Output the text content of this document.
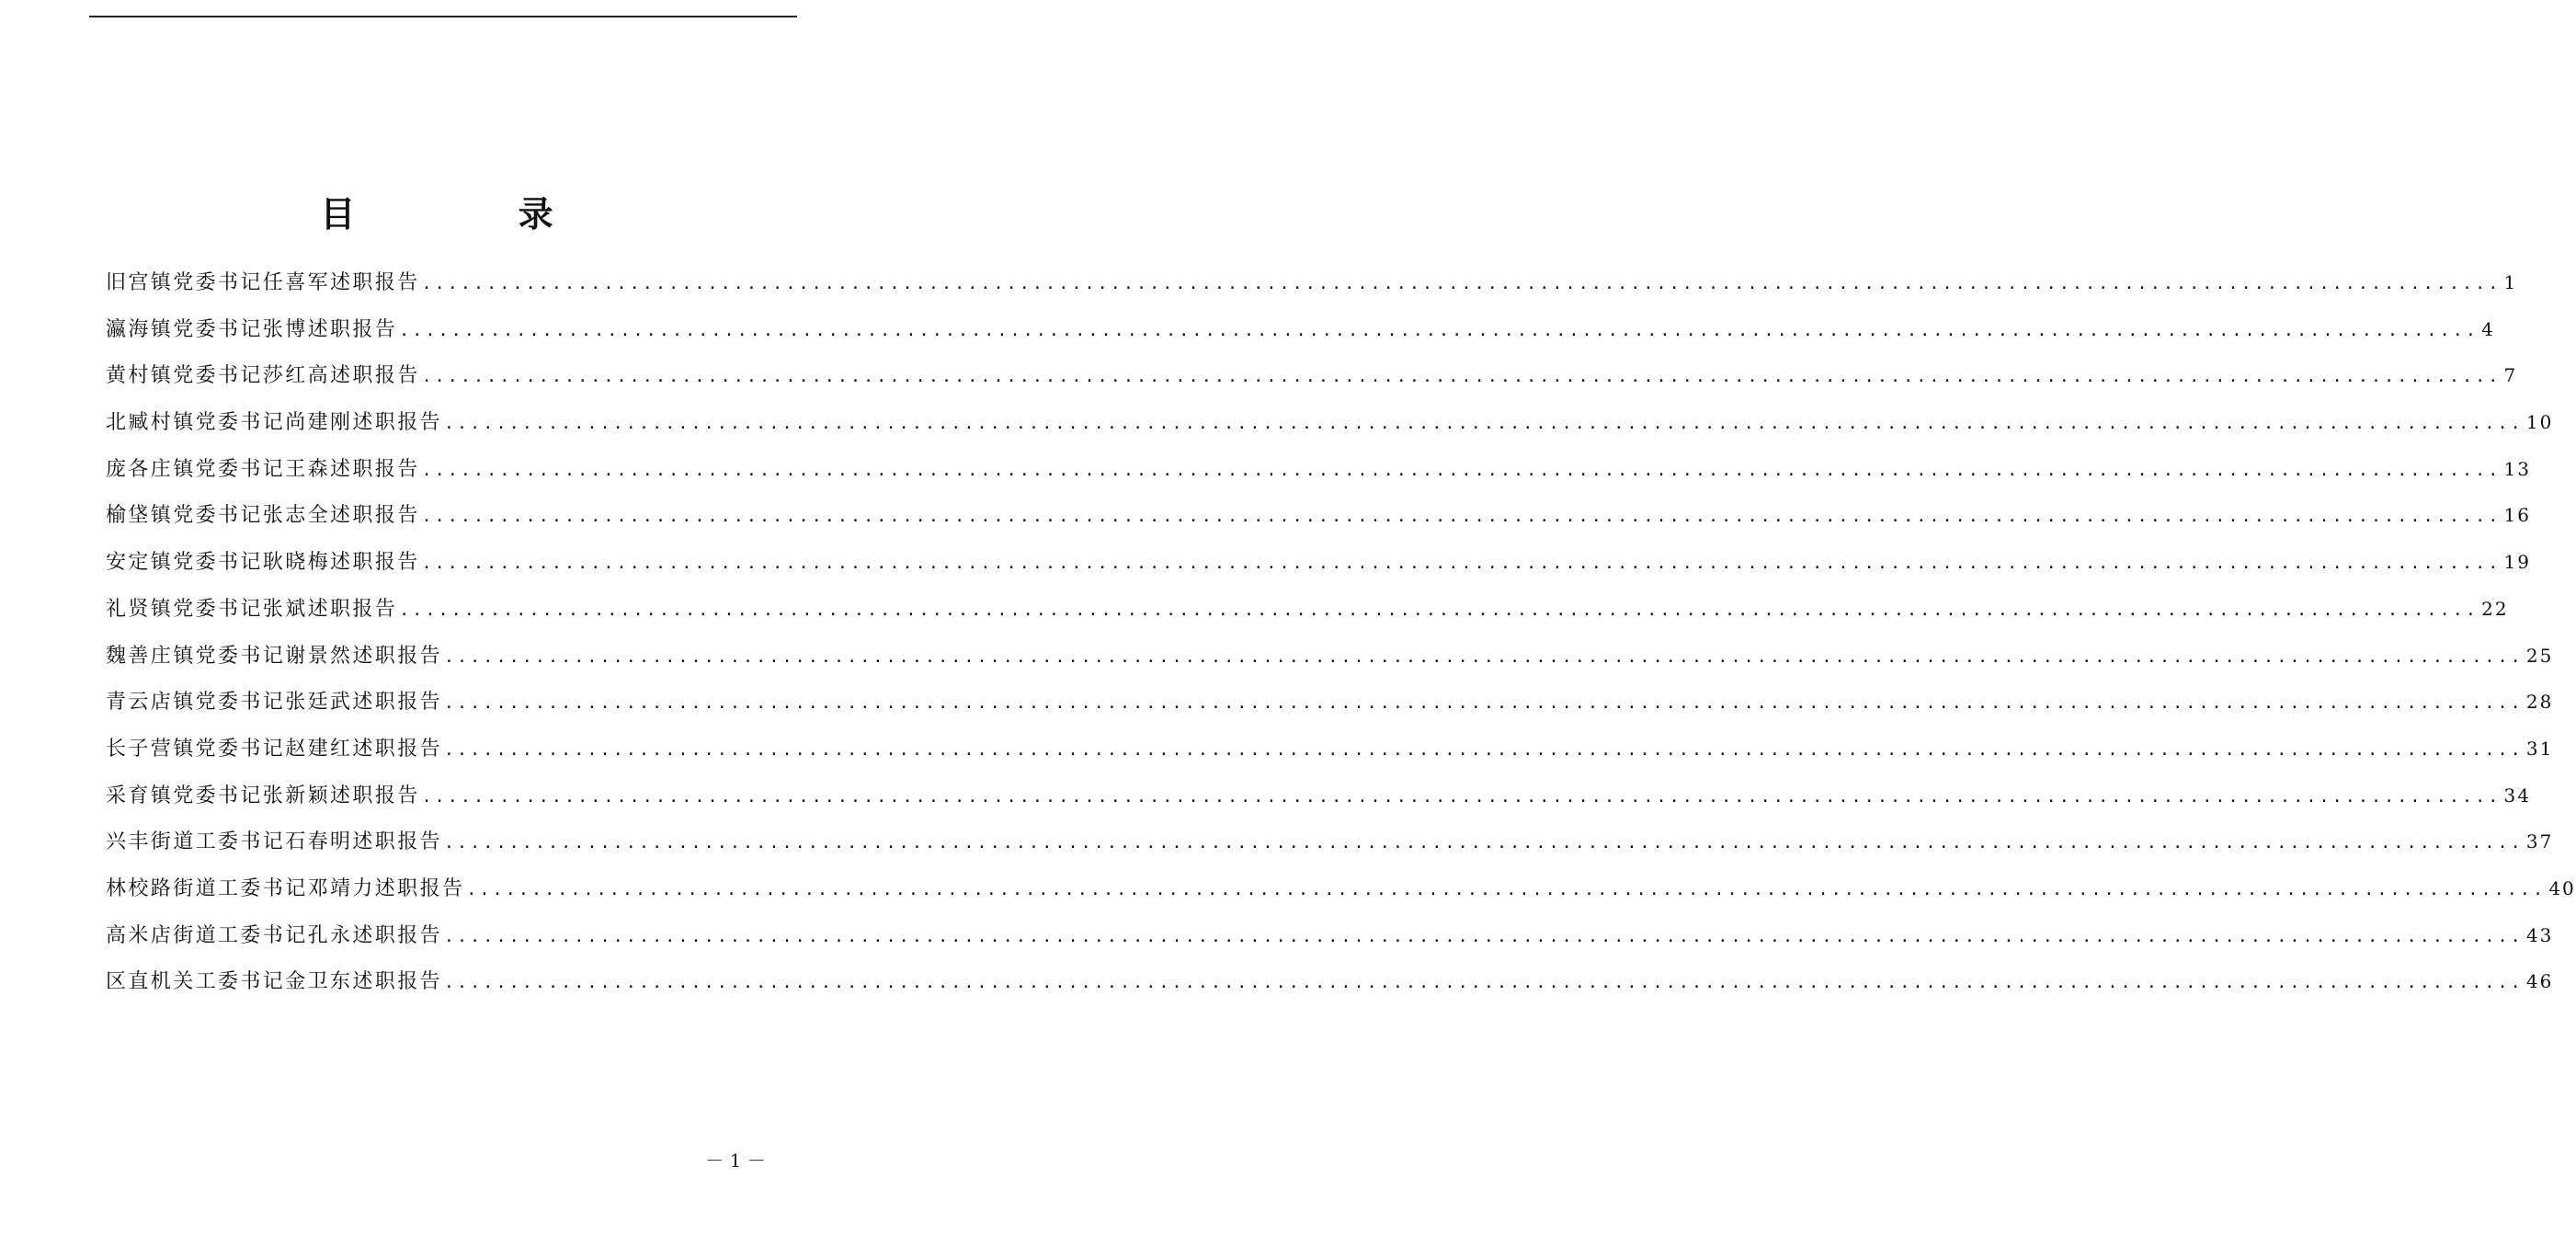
目 录
旧宫镇党委书记任喜军述职报告 ................................................................................................................................................................ 1
瀛海镇党委书记张博述职报告 ................................................................................................................................................................ 4
黄村镇党委书记莎红高述职报告 ................................................................................................................................................................ 7
北臧村镇党委书记尚建刚述职报告 ................................................................................................................................................................ 10
庞各庄镇党委书记王森述职报告 ................................................................................................................................................................ 13
榆垡镇党委书记张志全述职报告 ................................................................................................................................................................ 16
安定镇党委书记耿晓梅述职报告 ................................................................................................................................................................ 19
礼贤镇党委书记张斌述职报告 ................................................................................................................................................................ 22
魏善庄镇党委书记谢景然述职报告 ................................................................................................................................................................ 25
青云店镇党委书记张廷武述职报告 ................................................................................................................................................................ 28
长子营镇党委书记赵建红述职报告 ................................................................................................................................................................ 31
采育镇党委书记张新颖述职报告 ................................................................................................................................................................ 34
兴丰街道工委书记石春明述职报告 ................................................................................................................................................................ 37
林校路街道工委书记邓靖力述职报告 ................................................................................................................................................................ 40
高米店街道工委书记孔永述职报告 ................................................................................................................................................................ 43
区直机关工委书记金卫东述职报告 ................................................................................................................................................................ 46
－ 1 －
